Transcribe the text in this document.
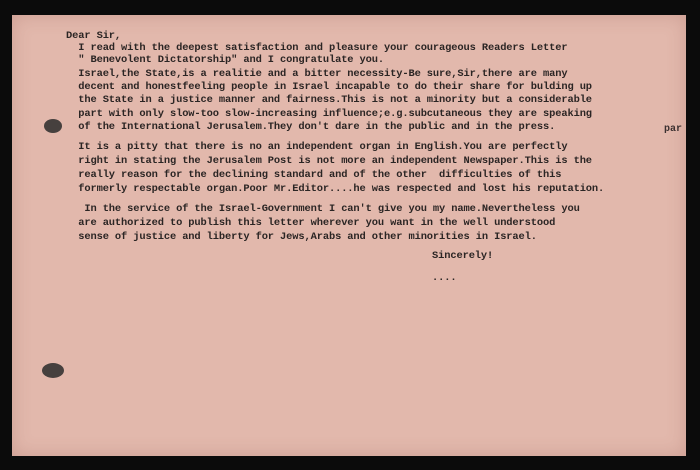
Dear Sir,
I read with the deepest satisfaction and pleasure your courageous Readers Letter
" Benevolent Dictatorship" and I congratulate you.
Israel,the State,is a realitie and a bitter necessity-Be sure,Sir,there are many
decent and honestfeeling people in Israel incapable to do their share for bulding up
the State in a justice manner and fairness.This is not a minority but a considerable
part with only slow-too slow-increasing influence;e.g.subcutaneous they are speaking
of the International Jerusalem.They don't dare in the public and in the press.
It is a pitty that there is no an independent organ in English.You are perfectly
right in stating the Jerusalem Post is not more an independent Newspaper.This is the
really reason for the declining standard and of the other  difficulties of this
formerly respectable organ.Poor Mr.Editor....he was respected and lost his reputation.
In the service of the Israel-Government I can't give you my name.Nevertheless you
are authorized to publish this letter wherever you want in the well understood
sense of justice and liberty for Jews,Arabs and other minorities in Israel.
Sincerely!
....
par
